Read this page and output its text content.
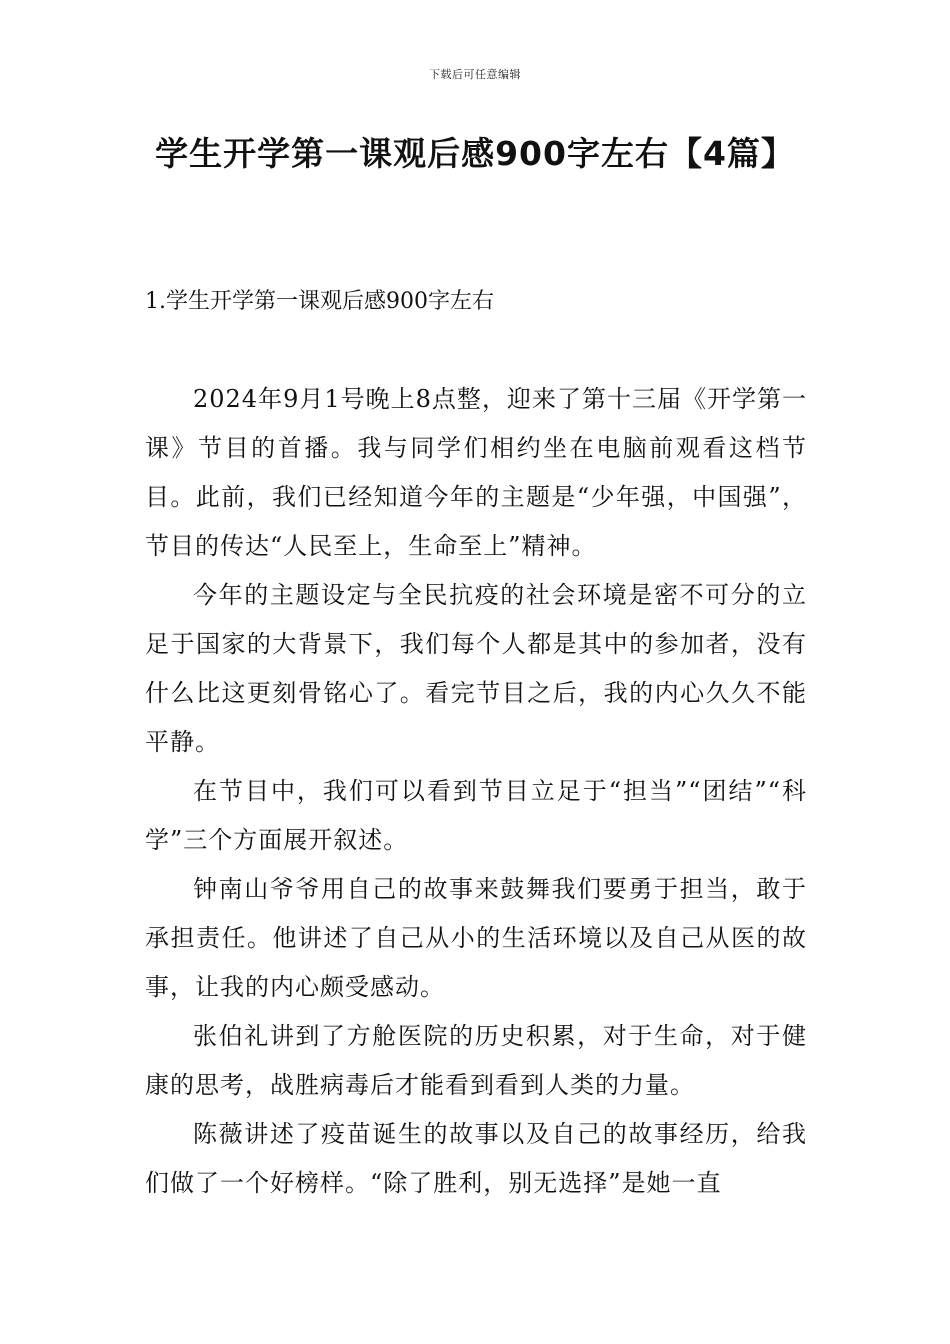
下载后可任意编辑
学生开学第一课观后感900字左右【4篇】
1.学生开学第一课观后感900字左右

2024年9月1号晚上8点整，迎来了第十三届《开学第一课》节目的首播。我与同学们相约坐在电脑前观看这档节目。此前，我们已经知道今年的主题是“少年强，中国强”，节目的传达“人民至上，生命至上”精神。

今年的主题设定与全民抗疫的社会环境是密不可分的立足于国家的大背景下，我们每个人都是其中的参加者，没有什么比这更刻骨铭心了。看完节目之后，我的内心久久不能平静。

在节目中，我们可以看到节目立足于“担当”“团结”“科学”三个方面展开叙述。

钟南山爷爷用自己的故事来鼓舞我们要勇于担当，敢于承担责任。他讲述了自己从小的生活环境以及自己从医的故事，让我的内心颇受感动。

张伯礼讲到了方舱医院的历史积累，对于生命，对于健康的思考，战胜病毒后才能看到看到人类的力量。

陈薇讲述了疫苗诞生的故事以及自己的故事经历，给我们做了一个好榜样。“除了胜利，别无选择”是她一直
